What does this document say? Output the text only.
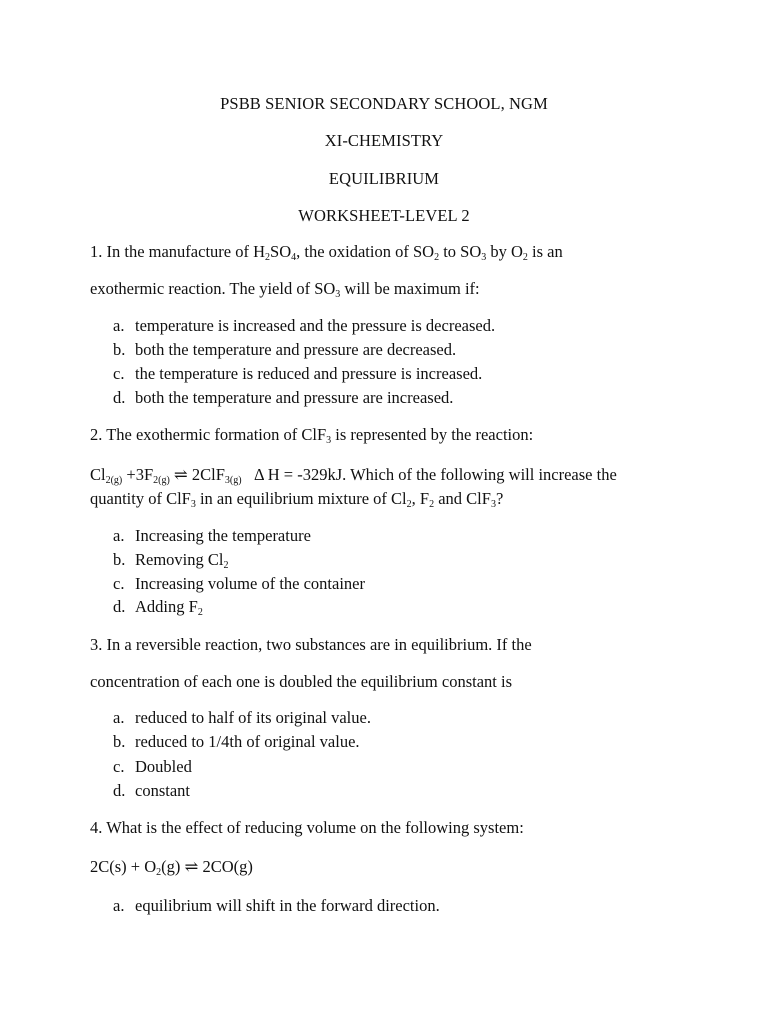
PSBB SENIOR SECONDARY SCHOOL, NGM
XI-CHEMISTRY
EQUILIBRIUM
WORKSHEET-LEVEL 2
1. In the manufacture of $H_2SO_4$, the oxidation of $SO_2$ to $SO_3$ by $O_2$ is an
exothermic reaction. The yield of $SO_3$ will be maximum if:
a. temperature is increased and the pressure is decreased.
b. both the temperature and pressure are decreased.
c. the temperature is reduced and pressure is increased.
d. both the temperature and pressure are increased.
2. The exothermic formation of ClF$_3$ is represented by the reaction:
$Cl_{2(g)} +3F_{2(g)}$ ⇌ 2ClF$_{3(g)}$   Δ H = -329kJ. Which of the following will increase the
quantity of ClF$_3$ in an equilibrium mixture of $Cl_2$, $F_2$ and ClF$_3$?
a. Increasing the temperature
b. Removing $Cl_2$
c. Increasing volume of the container
d. Adding $F_2$
3. In a reversible reaction, two substances are in equilibrium. If the
concentration of each one is doubled the equilibrium constant is
a. reduced to half of its original value.
b. reduced to 1/4th of original value.
c. Doubled
d. constant
4. What is the effect of reducing volume on the following system:
$2C(s) + O_2(g)$ ⇌ 2CO(g)
a. equilibrium will shift in the forward direction.
